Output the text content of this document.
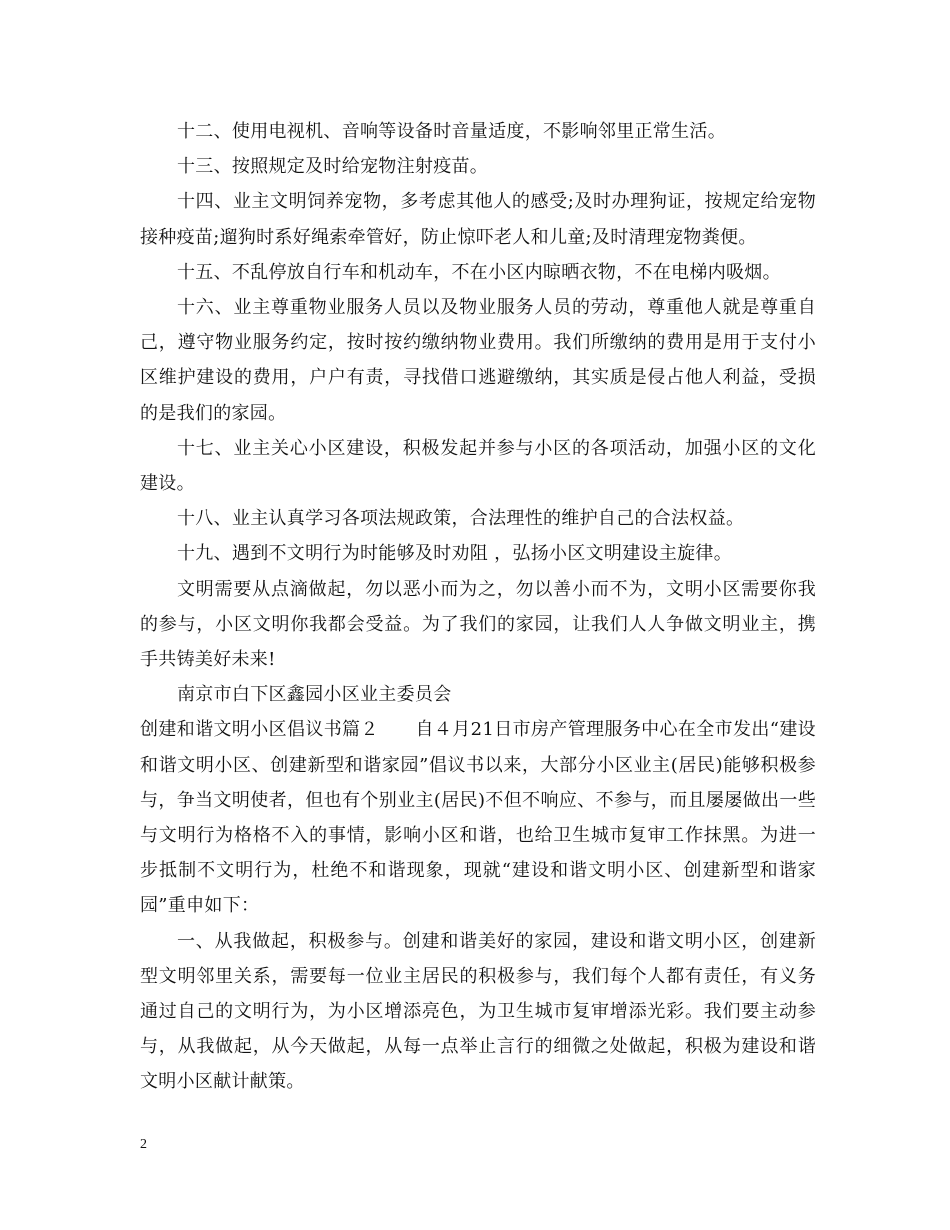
十二、使用电视机、音响等设备时音量适度，不影响邻里正常生活。

十三、按照规定及时给宠物注射疫苗。

十四、业主文明饲养宠物，多考虑其他人的感受;及时办理狗证，按规定给宠物接种疫苗;遛狗时系好绳索牵管好，防止惊吓老人和儿童;及时清理宠物粪便。

十五、不乱停放自行车和机动车，不在小区内晾晒衣物，不在电梯内吸烟。

十六、业主尊重物业服务人员以及物业服务人员的劳动，尊重他人就是尊重自己，遵守物业服务约定，按时按约缴纳物业费用。我们所缴纳的费用是用于支付小区维护建设的费用，户户有责，寻找借口逃避缴纳，其实质是侵占他人利益，受损的是我们的家园。

十七、业主关心小区建设，积极发起并参与小区的各项活动，加强小区的文化建设。

十八、业主认真学习各项法规政策，合法理性的维护自己的合法权益。

十九、遇到不文明行为时能够及时劝阻 ，弘扬小区文明建设主旋律。

文明需要从点滴做起，勿以恶小而为之，勿以善小而不为，文明小区需要你我的参与，小区文明你我都会受益。为了我们的家园，让我们人人争做文明业主，携手共铸美好未来!

南京市白下区鑫园小区业主委员会

创建和谐文明小区倡议书篇２　　自４月21日市房产管理服务中心在全市发出“建设和谐文明小区、创建新型和谐家园”倡议书以来，大部分小区业主(居民)能够积极参与，争当文明使者，但也有个别业主(居民)不但不响应、不参与，而且屡屡做出一些与文明行为格格不入的事情，影响小区和谐，也给卫生城市复审工作抹黑。为进一步抵制不文明行为，杜绝不和谐现象，现就“建设和谐文明小区、创建新型和谐家园”重申如下：

一、从我做起，积极参与。创建和谐美好的家园，建设和谐文明小区，创建新型文明邻里关系，需要每一位业主居民的积极参与，我们每个人都有责任，有义务通过自己的文明行为，为小区增添亮色，为卫生城市复审增添光彩。我们要主动参与，从我做起，从今天做起，从每一点举止言行的细微之处做起，积极为建设和谐文明小区献计献策。

2
